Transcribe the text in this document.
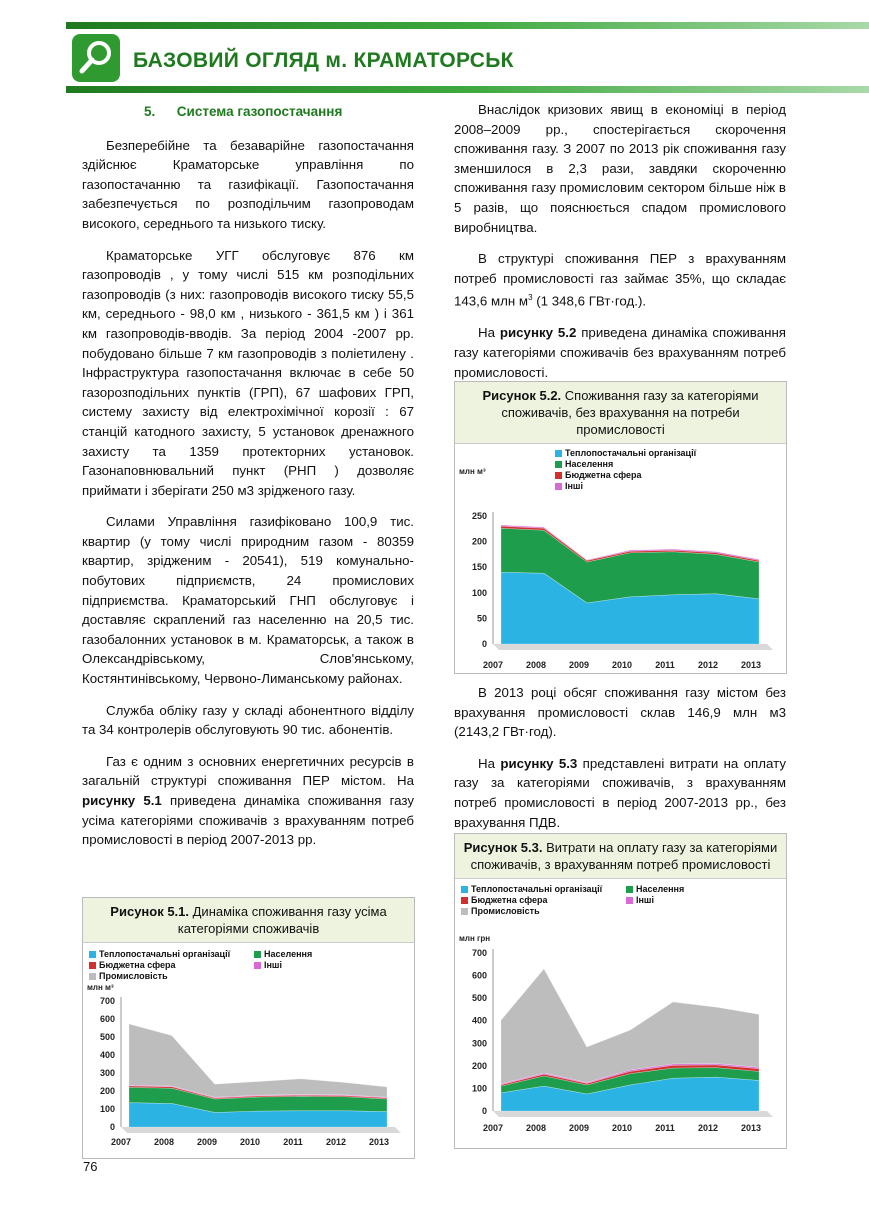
БАЗОВИЙ ОГЛЯД м. КРАМАТОРСЬК
5. Система газопостачання

Безперебійне та безаварійне газопостачання здійснює Краматорське управління по газопостачанню та газифікації. Газопостачання забезпечується по розподільчим газопроводам високого, середнього та низького тиску.

Краматорське УГГ обслуговує 876 км газопроводів , у тому числі 515 км розподільних газопроводів (з них: газопроводів високого тиску 55,5 км, середнього - 98,0 км , низького - 361,5 км ) і 361 км газопроводів-вводів. За період 2004 -2007 рр. побудовано більше 7 км газопроводів з поліетилену . Інфраструктура газопостачання включає в себе 50 газорозподільних пунктів (ГРП), 67 шафових ГРП, систему захисту від електрохімічної корозії : 67 станцій катодного захисту, 5 установок дренажного захисту та 1359 протекторних установок. Газонаповнювальний пункт (РНП ) дозволяє приймати і зберігати 250 м3 зрідженого газу.

Силами Управління газифіковано 100,9 тис. квартир (у тому числі природним газом - 80359 квартир, зрідженим - 20541), 519 комунально-побутових підприємств, 24 промислових підприємства. Краматорський ГНП обслуговує і доставляє скраплений газ населенню на 20,5 тис. газобалонних установок в м. Краматорськ, а також в Олександрівському, Слов'янському, Костянтинівському, Червоно-Лиманському районах.

Служба обліку газу у складі абонентного відділу та 34 контролерів обслуговують 90 тис. абонентів.

Газ є одним з основних енергетичних ресурсів в загальній структурі споживання ПЕР містом. На рисунку 5.1 приведена динаміка споживання газу усіма категоріями споживачів з врахуванням потреб промисловості в період 2007-2013 рр.

Внаслідок кризових явищ в економіці в період 2008–2009 рр., спостерігається скорочення споживання газу. З 2007 по 2013 рік споживання газу зменшилося в 2,3 рази, завдяки скороченню споживання газу промисловим сектором більше ніж в 5 разів, що пояснюється спадом промислового виробництва.

В структурі споживання ПЕР з врахуванням потреб промисловості газ займає 35%, що складає 143,6 млн $м^3$ (1 348,6 ГВт·год.).

На рисунку 5.2 приведена динаміка споживання газу категоріями споживачів без врахуванням потреб промисловості.

В 2013 році обсяг споживання газу містом без врахування промисловості склав 146,9 млн м3 (2143,2 ГВт·год).

На рисунку 5.3 представлені витрати на оплату газу за категоріями споживачів, з врахуванням потреб промисловості в період 2007-2013 рр., без врахування ПДВ.

Рисунок 5.1. Динаміка споживання газу усіма категоріями споживачів
Теплопостачальні організації	Населення
Бюджетна сфера	Інші
Промисловість
млн м³
0
100
200
300
400
500
600
700
2007	2008	2009	2010	2011	2012	2013
Рисунок 5.2. Споживання газу за категоріями споживачів, без врахування на потреби промисловості
Теплопостачальні організації
Населення
Бюджетна сфера
Інші
млн м³
0
50
100
150
200
250
2007	2008	2009	2010	2011	2012	2013
Рисунок 5.3. Витрати на оплату газу за категоріями споживачів, з врахуванням потреб промисловості
Теплопостачальні організації	Населення
Бюджетна сфера	Інші
Промисловість
млн грн
0
100
200
300
400
500
600
700
2007	2008	2009	2010	2011	2012	2013
76
